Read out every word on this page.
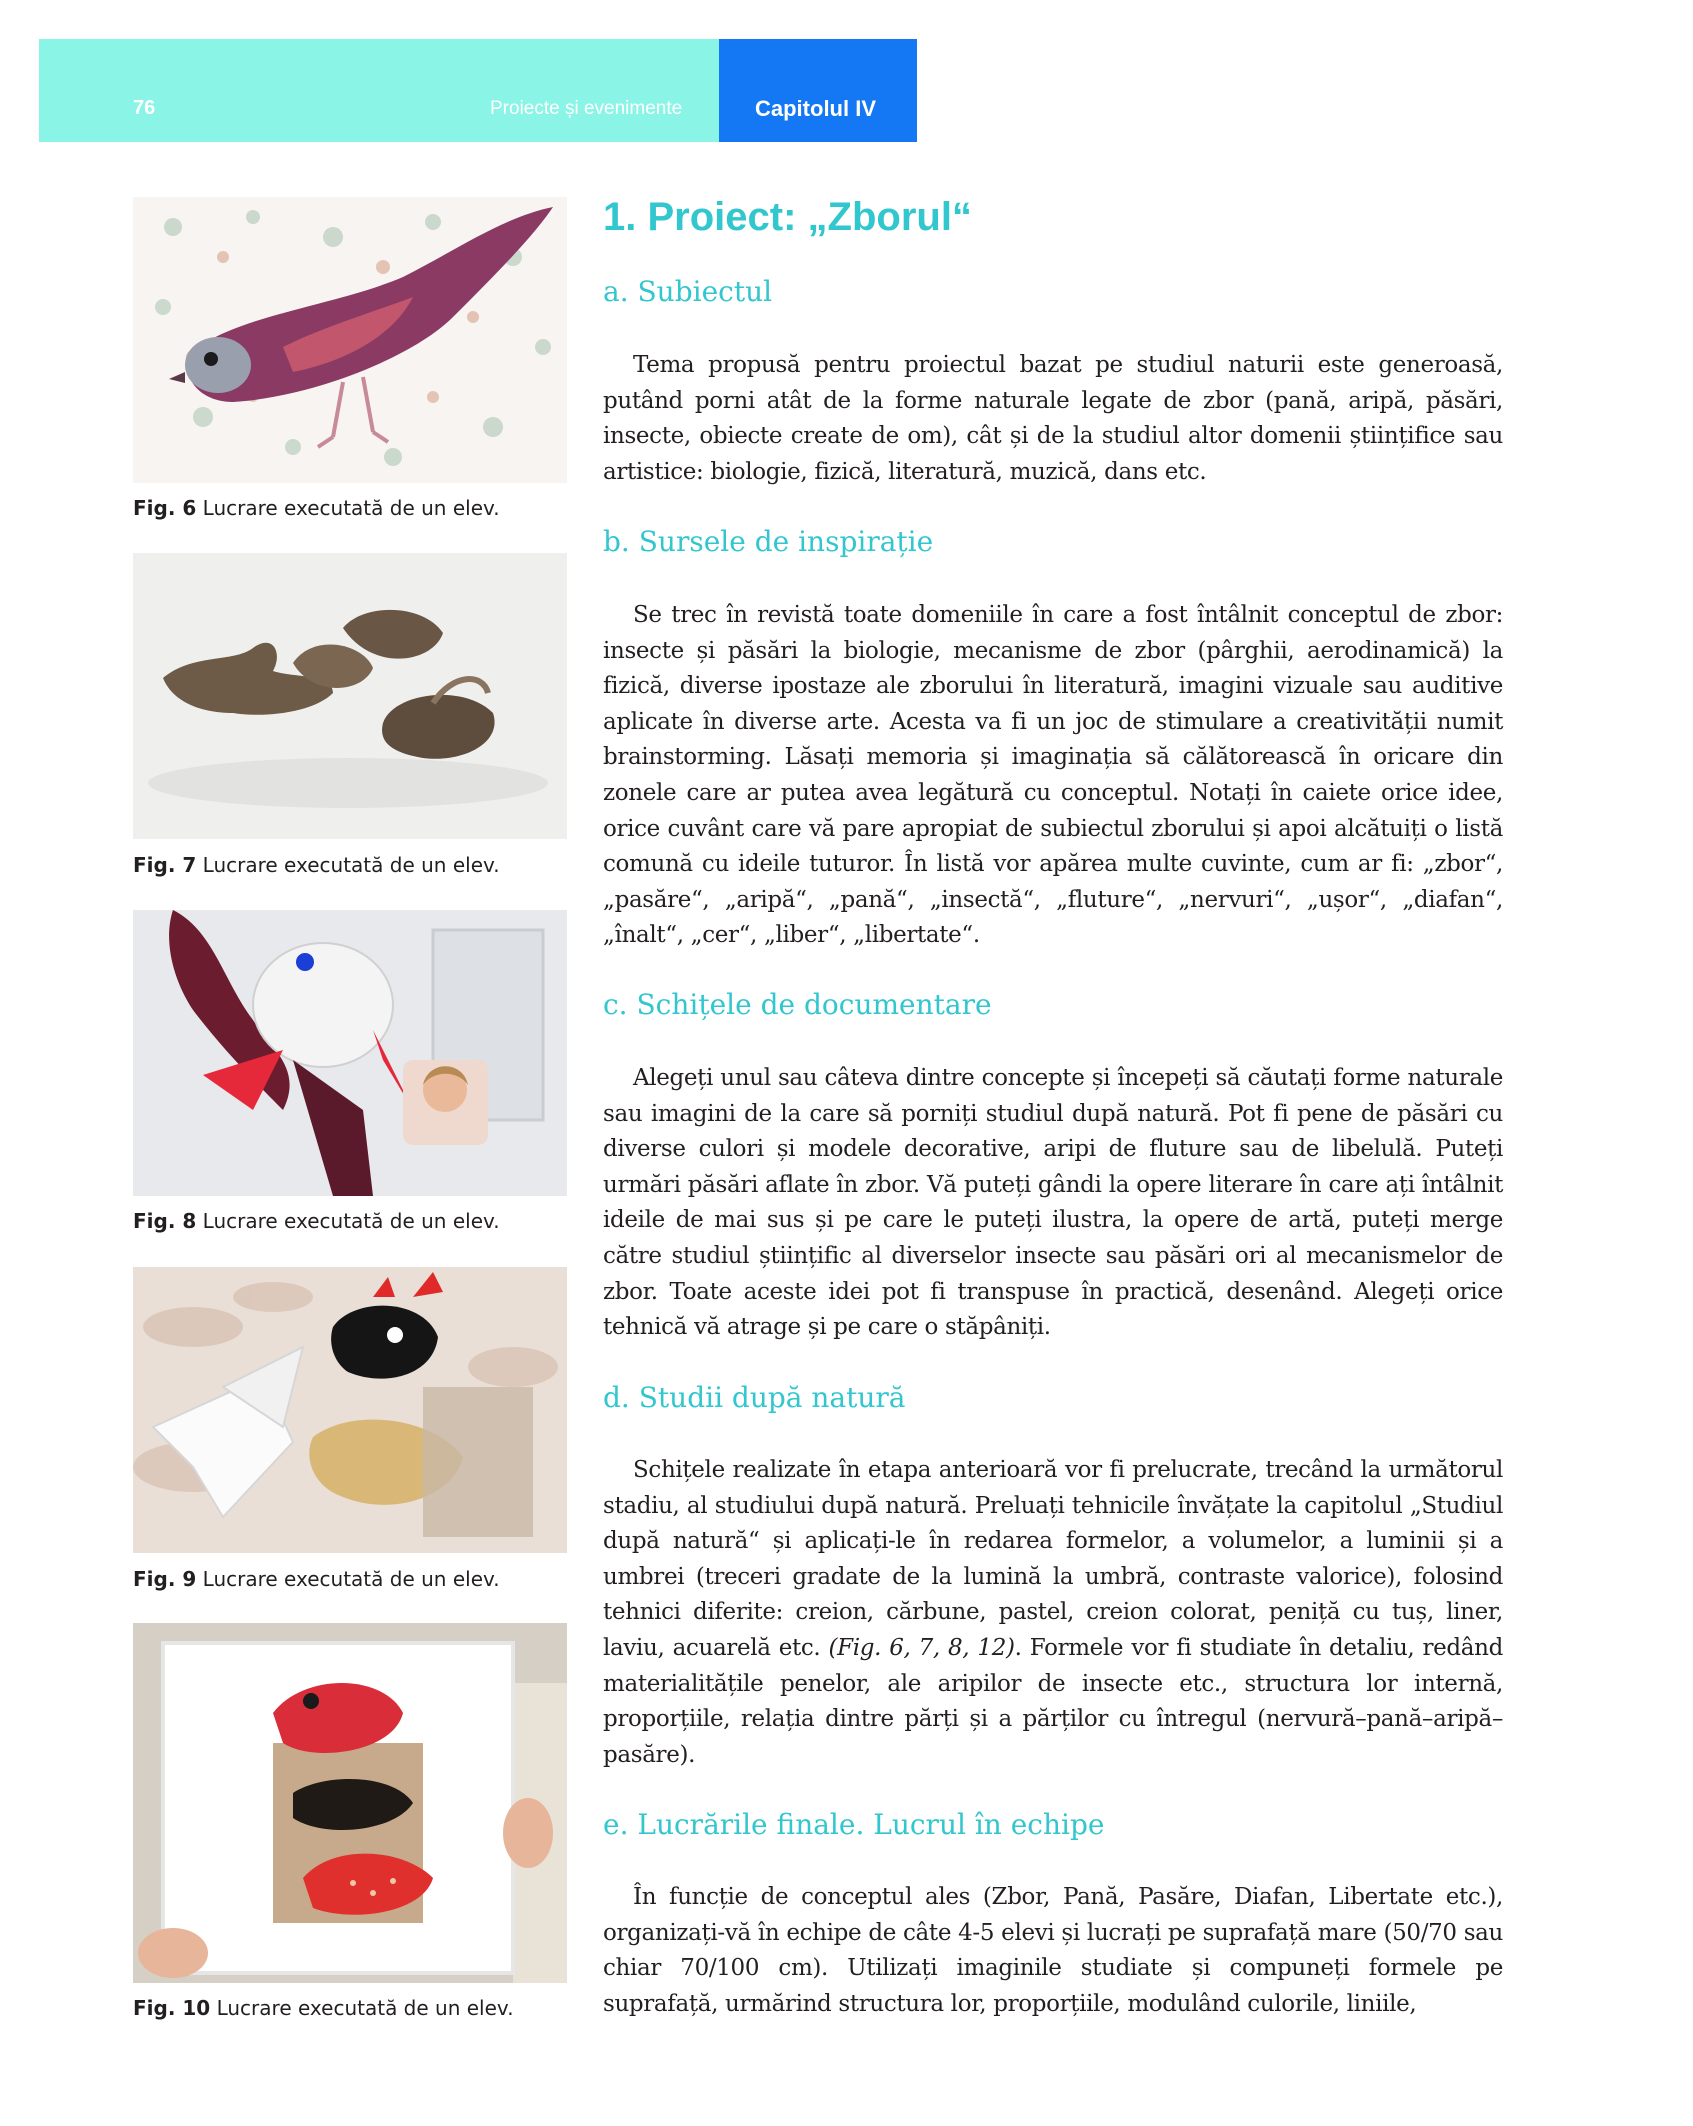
76	Proiecte și evenimente	Capitolul IV
Fig. 6 Lucrare executată de un elev.
Fig. 7 Lucrare executată de un elev.
Fig. 8 Lucrare executată de un elev.
Fig. 9 Lucrare executată de un elev.
Fig. 10 Lucrare executată de un elev.
1. Proiect: „Zborul“
a. Subiectul

Tema propusă pentru proiectul bazat pe studiul naturii este generoasă, putând porni atât de la forme naturale legate de zbor (pană, aripă, păsări, insecte, obiecte create de om), cât și de la studiul altor domenii științifice sau artistice: biologie, fizică, literatură, muzică, dans etc.

b. Sursele de inspirație

Se trec în revistă toate domeniile în care a fost întâlnit conceptul de zbor: insecte și păsări la biologie, mecanisme de zbor (pârghii, aerodinamică) la fizică, diverse ipostaze ale zborului în literatură, imagini vizuale sau auditive aplicate în diverse arte. Acesta va fi un joc de stimulare a creativității numit brainstorming. Lăsați memoria și imaginația să călătorească în oricare din zonele care ar putea avea legătură cu conceptul. Notați în caiete orice idee, orice cuvânt care vă pare apropiat de subiectul zborului și apoi alcătuiți o listă comună cu ideile tuturor. În listă vor apărea multe cuvinte, cum ar fi: „zbor“, „pasăre“, „aripă“, „pană“, „insectă“, „fluture“, „nervuri“, „ușor“, „diafan“, „înalt“, „cer“, „liber“, „libertate“.

c. Schițele de documentare

Alegeți unul sau câteva dintre concepte și începeți să căutați forme naturale sau imagini de la care să porniți studiul după natură. Pot fi pene de păsări cu diverse culori și modele decorative, aripi de fluture sau de libelulă. Puteți urmări păsări aflate în zbor. Vă puteți gândi la opere literare în care ați întâlnit ideile de mai sus și pe care le puteți ilustra, la opere de artă, puteți merge către studiul științific al diverselor insecte sau păsări ori al mecanismelor de zbor. Toate aceste idei pot fi transpuse în practică, desenând. Alegeți orice tehnică vă atrage și pe care o stăpâniți.

d. Studii după natură

Schițele realizate în etapa anterioară vor fi prelucrate, trecând la următorul stadiu, al studiului după natură. Preluați tehnicile învățate la capitolul „Studiul după natură“ și aplicați-le în redarea formelor, a volumelor, a luminii și a umbrei (treceri gradate de la lumină la umbră, contraste valorice), folosind tehnici diferite: creion, cărbune, pastel, creion colorat, peniță cu tuș, liner, laviu, acuarelă etc. (Fig. 6, 7, 8, 12). Formele vor fi studiate în detaliu, redând materialitățile penelor, ale aripilor de insecte etc., structura lor internă, proporțiile, relația dintre părți și a părților cu întregul (nervură–pană–aripă–pasăre).

e. Lucrările finale. Lucrul în echipe

În funcție de conceptul ales (Zbor, Pană, Pasăre, Diafan, Libertate etc.), organizați-vă în echipe de câte 4-5 elevi și lucrați pe suprafață mare (50/70 sau chiar 70/100 cm). Utilizați imaginile studiate și compuneți formele pe suprafață, urmărind structura lor, proporțiile, modulând culorile, liniile,
